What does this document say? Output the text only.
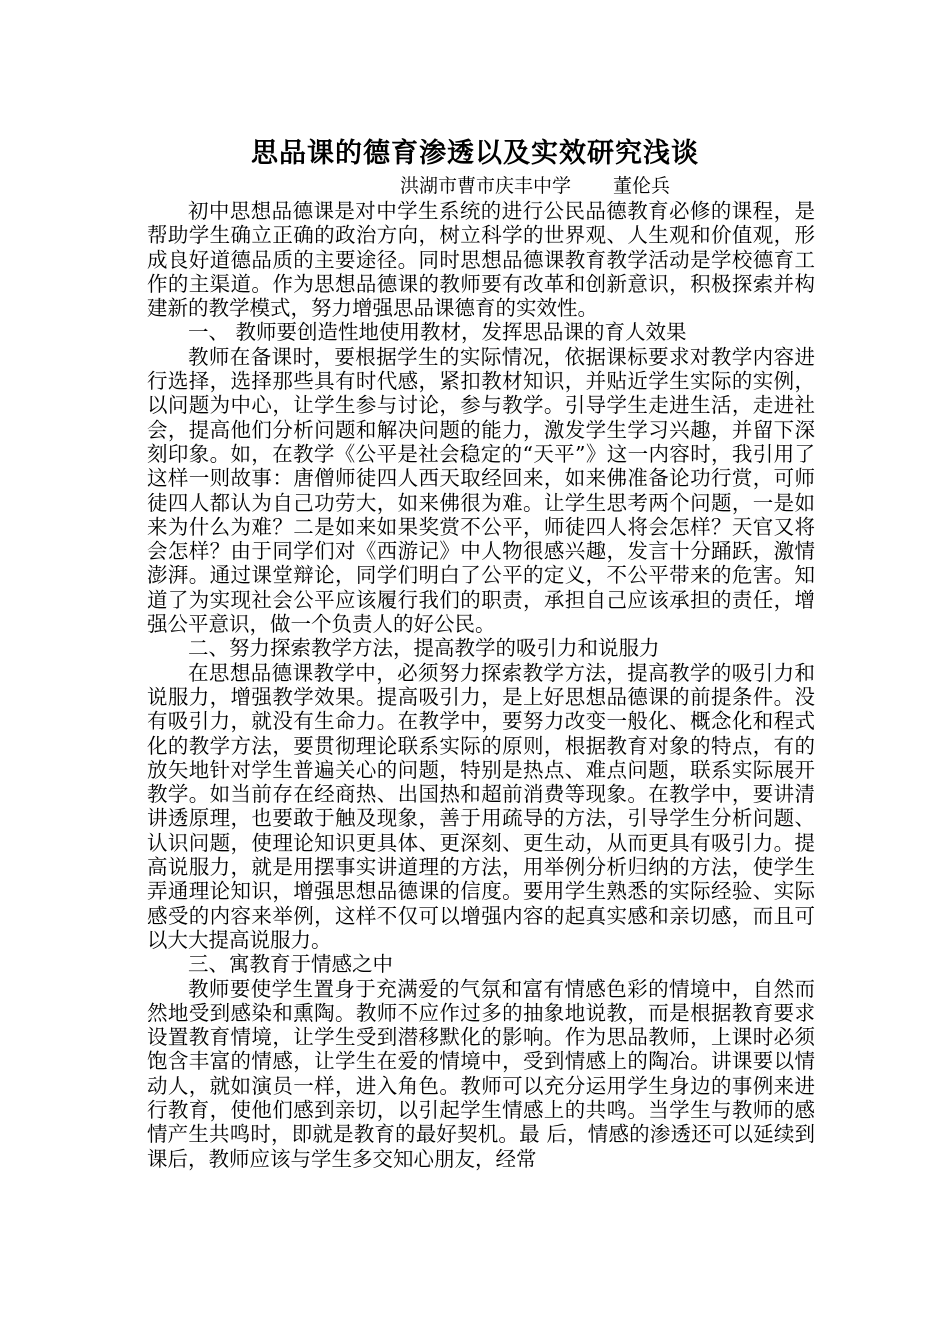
思品课的德育渗透以及实效研究浅谈
洪湖市曹市庆丰中学 董伦兵

初中思想品德课是对中学生系统的进行公民品德教育必修的课程，是帮助学生确立正确的政治方向，树立科学的世界观、人生观和价值观，形成良好道德品质的主要途径。同时思想品德课教育教学活动是学校德育工作的主渠道。作为思想品德课的教师要有改革和创新意识，积极探索并构建新的教学模式，努力增强思品课德育的实效性。

一、 教师要创造性地使用教材，发挥思品课的育人效果

教师在备课时，要根据学生的实际情况，依据课标要求对教学内容进行选择，选择那些具有时代感，紧扣教材知识，并贴近学生实际的实例，以问题为中心，让学生参与讨论，参与教学。引导学生走进生活，走进社会，提高他们分析问题和解决问题的能力，激发学生学习兴趣，并留下深刻印象。如，在教学《公平是社会稳定的“天平”》这一内容时，我引用了这样一则故事：唐僧师徒四人西天取经回来，如来佛准备论功行赏，可师徒四人都认为自己功劳大，如来佛很为难。让学生思考两个问题，一是如来为什么为难？二是如来如果奖赏不公平，师徒四人将会怎样？天官又将会怎样？由于同学们对《西游记》中人物很感兴趣，发言十分踊跃，激情澎湃。通过课堂辩论，同学们明白了公平的定义，不公平带来的危害。知道了为实现社会公平应该履行我们的职责，承担自己应该承担的责任，增强公平意识，做一个负责人的好公民。

二、努力探索教学方法，提高教学的吸引力和说服力

在思想品德课教学中，必须努力探索教学方法，提高教学的吸引力和说服力，增强教学效果。提高吸引力，是上好思想品德课的前提条件。没有吸引力，就没有生命力。在教学中，要努力改变一般化、概念化和程式化的教学方法，要贯彻理论联系实际的原则，根据教育对象的特点，有的放矢地针对学生普遍关心的问题，特别是热点、难点问题，联系实际展开教学。如当前存在经商热、出国热和超前消费等现象。在教学中，要讲清讲透原理，也要敢于触及现象，善于用疏导的方法，引导学生分析问题、认识问题，使理论知识更具体、更深刻、更生动，从而更具有吸引力。提高说服力，就是用摆事实讲道理的方法，用举例分析归纳的方法，使学生弄通理论知识，增强思想品德课的信度。要用学生熟悉的实际经验、实际感受的内容来举例，这样不仅可以增强内容的起真实感和亲切感，而且可以大大提高说服力。

三、寓教育于情感之中

教师要使学生置身于充满爱的气氛和富有情感色彩的情境中，自然而然地受到感染和熏陶。教师不应作过多的抽象地说教，而是根据教育要求设置教育情境，让学生受到潜移默化的影响。作为思品教师，上课时必须饱含丰富的情感，让学生在爱的情境中，受到情感上的陶冶。讲课要以情动人，就如演员一样，进入角色。教师可以充分运用学生身边的事例来进行教育，使他们感到亲切，以引起学生情感上的共鸣。当学生与教师的感情产生共鸣时，即就是教育的最好契机。最 后，情感的渗透还可以延续到课后，教师应该与学生多交知心朋友，经常
